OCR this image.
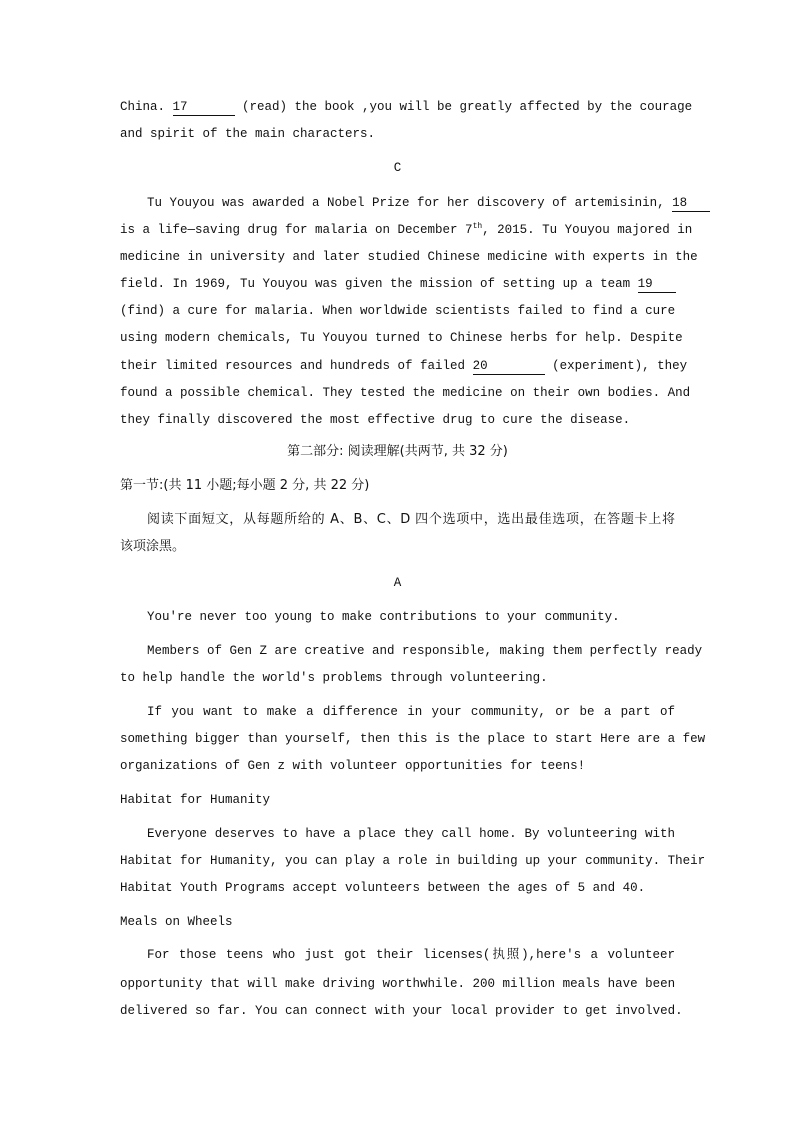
China. 17	(read) the book ,you will be greatly affected by the courage
and spirit of the main characters.
C
Tu Youyou was awarded a Nobel Prize for her discovery of artemisinin, 18
is a life—saving drug for malaria on December 7th, 2015. Tu Youyou majored in
medicine in university and later studied Chinese medicine with experts in the
field. In 1969, Tu Youyou was given the mission of setting up a team 19
(find) a cure for malaria. When worldwide scientists failed to find a cure
using modern chemicals, Tu Youyou turned to Chinese herbs for help. Despite
their limited resources and hundreds of failed 20	(experiment), they
found a possible chemical. They tested the medicine on their own bodies. And
they finally discovered the most effective drug to cure the disease.
第二部分: 阅读理解(共两节, 共 32 分)
第一节:(共 11 小题;每小题 2 分, 共 22 分)
阅读下面短文，从每题所给的 A、B、C、D 四个选项中，选出最佳选项，在答题卡上将
该项涂黑。
A
You're never too young to make contributions to your community.
Members of Gen Z are creative and responsible, making them perfectly ready
to help handle the world's problems through volunteering.
If you want to make a difference in your community, or be a part of
something bigger than yourself, then this is the place to start Here are a few
organizations of Gen z with volunteer opportunities for teens!
Habitat for Humanity
Everyone deserves to have a place they call home. By volunteering with
Habitat for Humanity, you can play a role in building up your community. Their
Habitat Youth Programs accept volunteers between the ages of 5 and 40.
Meals on Wheels
For those teens who just got their licenses(执照),here's a volunteer
opportunity that will make driving worthwhile. 200 million meals have been
delivered so far. You can connect with your local provider to get involved.
